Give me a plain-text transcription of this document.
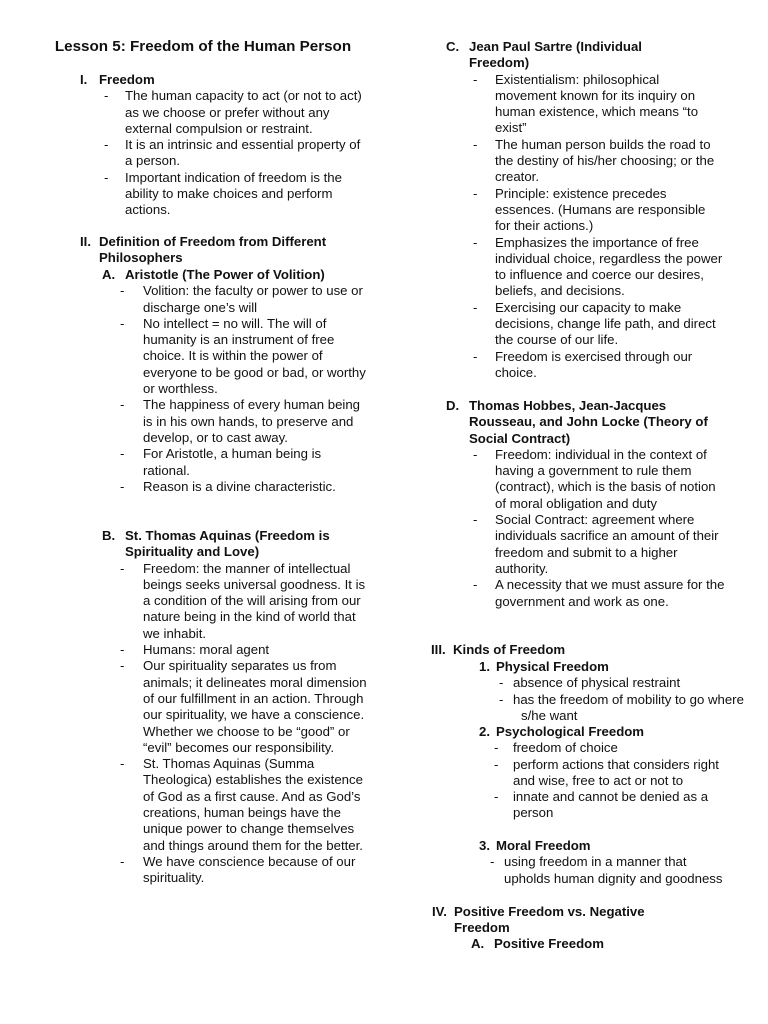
Lesson 5: Freedom of the Human Person
I. Freedom
- The human capacity to act (or not to act) as we choose or prefer without any external compulsion or restraint.
- It is an intrinsic and essential property of a person.
- Important indication of freedom is the ability to make choices and perform actions.
II. Definition of Freedom from Different Philosophers
A. Aristotle (The Power of Volition)
- Volition: the faculty or power to use or discharge one’s will
- No intellect = no will. The will of humanity is an instrument of free choice. It is within the power of everyone to be good or bad, or worthy or worthless.
- The happiness of every human being is in his own hands, to preserve and develop, or to cast away.
- For Aristotle, a human being is rational.
- Reason is a divine characteristic.
B. St. Thomas Aquinas (Freedom is Spirituality and Love)
- Freedom: the manner of intellectual beings seeks universal goodness. It is a condition of the will arising from our nature being in the kind of world that we inhabit.
- Humans: moral agent
- Our spirituality separates us from animals; it delineates moral dimension of our fulfillment in an action. Through our spirituality, we have a conscience. Whether we choose to be “good” or “evil” becomes our responsibility.
- St. Thomas Aquinas (Summa Theologica) establishes the existence of God as a first cause. And as God’s creations, human beings have the unique power to change themselves and things around them for the better.
- We have conscience because of our spirituality.
C. Jean Paul Sartre (Individual Freedom)
- Existentialism: philosophical movement known for its inquiry on human existence, which means “to exist”
- The human person builds the road to the destiny of his/her choosing; or the creator.
- Principle: existence precedes essences. (Humans are responsible for their actions.)
- Emphasizes the importance of free individual choice, regardless the power to influence and coerce our desires, beliefs, and decisions.
- Exercising our capacity to make decisions, change life path, and direct the course of our life.
- Freedom is exercised through our choice.
D. Thomas Hobbes, Jean-Jacques Rousseau, and John Locke (Theory of Social Contract)
- Freedom: individual in the context of having a government to rule them (contract), which is the basis of notion of moral obligation and duty
- Social Contract: agreement where individuals sacrifice an amount of their freedom and submit to a higher authority.
- A necessity that we must assure for the government and work as one.
III. Kinds of Freedom
1. Physical Freedom
- absence of physical restraint
- has the freedom of mobility to go where s/he want
2. Psychological Freedom
- freedom of choice
- perform actions that considers right and wise, free to act or not to
- innate and cannot be denied as a person
3. Moral Freedom
- using freedom in a manner that upholds human dignity and goodness
IV. Positive Freedom vs. Negative Freedom
A. Positive Freedom
